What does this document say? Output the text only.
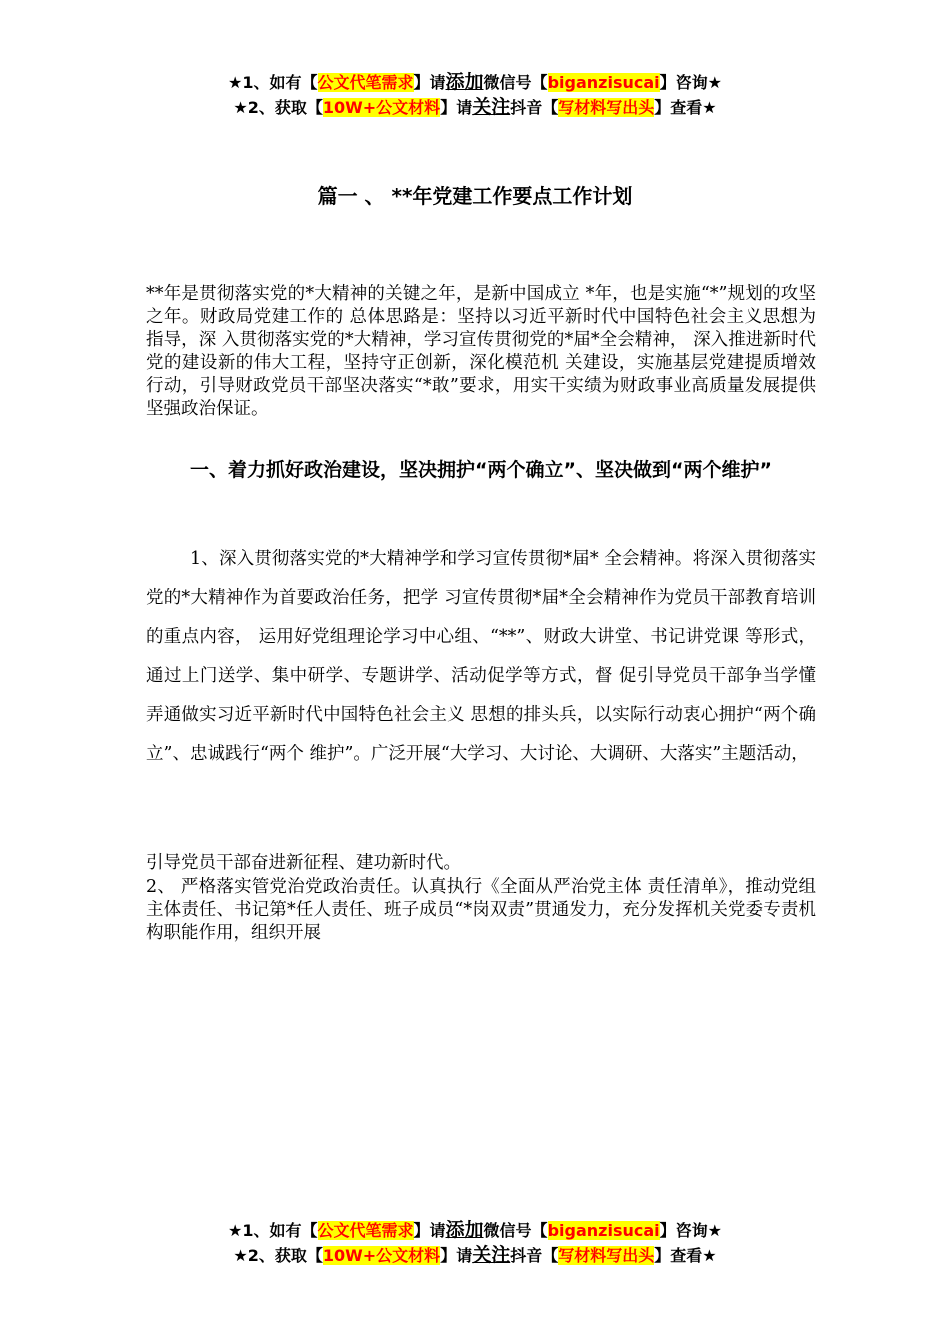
★1、如有【公文代笔需求】请添加微信号【biganzisucai】咨询★
★2、获取【10W+公文材料】请关注抖音【写材料写出头】查看★
篇一 、 **年党建工作要点工作计划

**年是贯彻落实党的*大精神的关键之年，是新中国成立 *年，也是实施“*”规划的攻坚之年。财政局党建工作的 总体思路是：坚持以习近平新时代中国特色社会主义思想为指导，深 入贯彻落实党的*大精神，学习宣传贯彻党的*届*全会精神， 深入推进新时代党的建设新的伟大工程，坚持守正创新，深化模范机 关建设，实施基层党建提质增效行动，引导财政党员干部坚决落实“*敢”要求，用实干实绩为财政事业高质量发展提供坚强政治保证。

一、着力抓好政治建设，坚决拥护“两个确立”、坚决做到“两个维护”

1、深入贯彻落实党的*大精神学和学习宣传贯彻*届* 全会精神。将深入贯彻落实党的*大精神作为首要政治任务，把学 习宣传贯彻*届*全会精神作为党员干部教育培训的重点内容， 运用好党组理论学习中心组、“**”、财政大讲堂、书记讲党课 等形式，通过上门送学、集中研学、专题讲学、活动促学等方式，督 促引导党员干部争当学懂弄通做实习近平新时代中国特色社会主义 思想的排头兵，以实际行动衷心拥护“两个确立”、忠诚践行“两个 维护”。广泛开展“大学习、大讨论、大调研、大落实”主题活动，

引导党员干部奋进新征程、建功新时代。

2、 严格落实管党治党政治责任。认真执行《全面从严治党主体 责任清单》，推动党组主体责任、书记第*任人责任、班子成员“*岗双责”贯通发力，充分发挥机关党委专责机构职能作用，组织开展

★1、如有【公文代笔需求】请添加微信号【biganzisucai】咨询★
★2、获取【10W+公文材料】请关注抖音【写材料写出头】查看★
